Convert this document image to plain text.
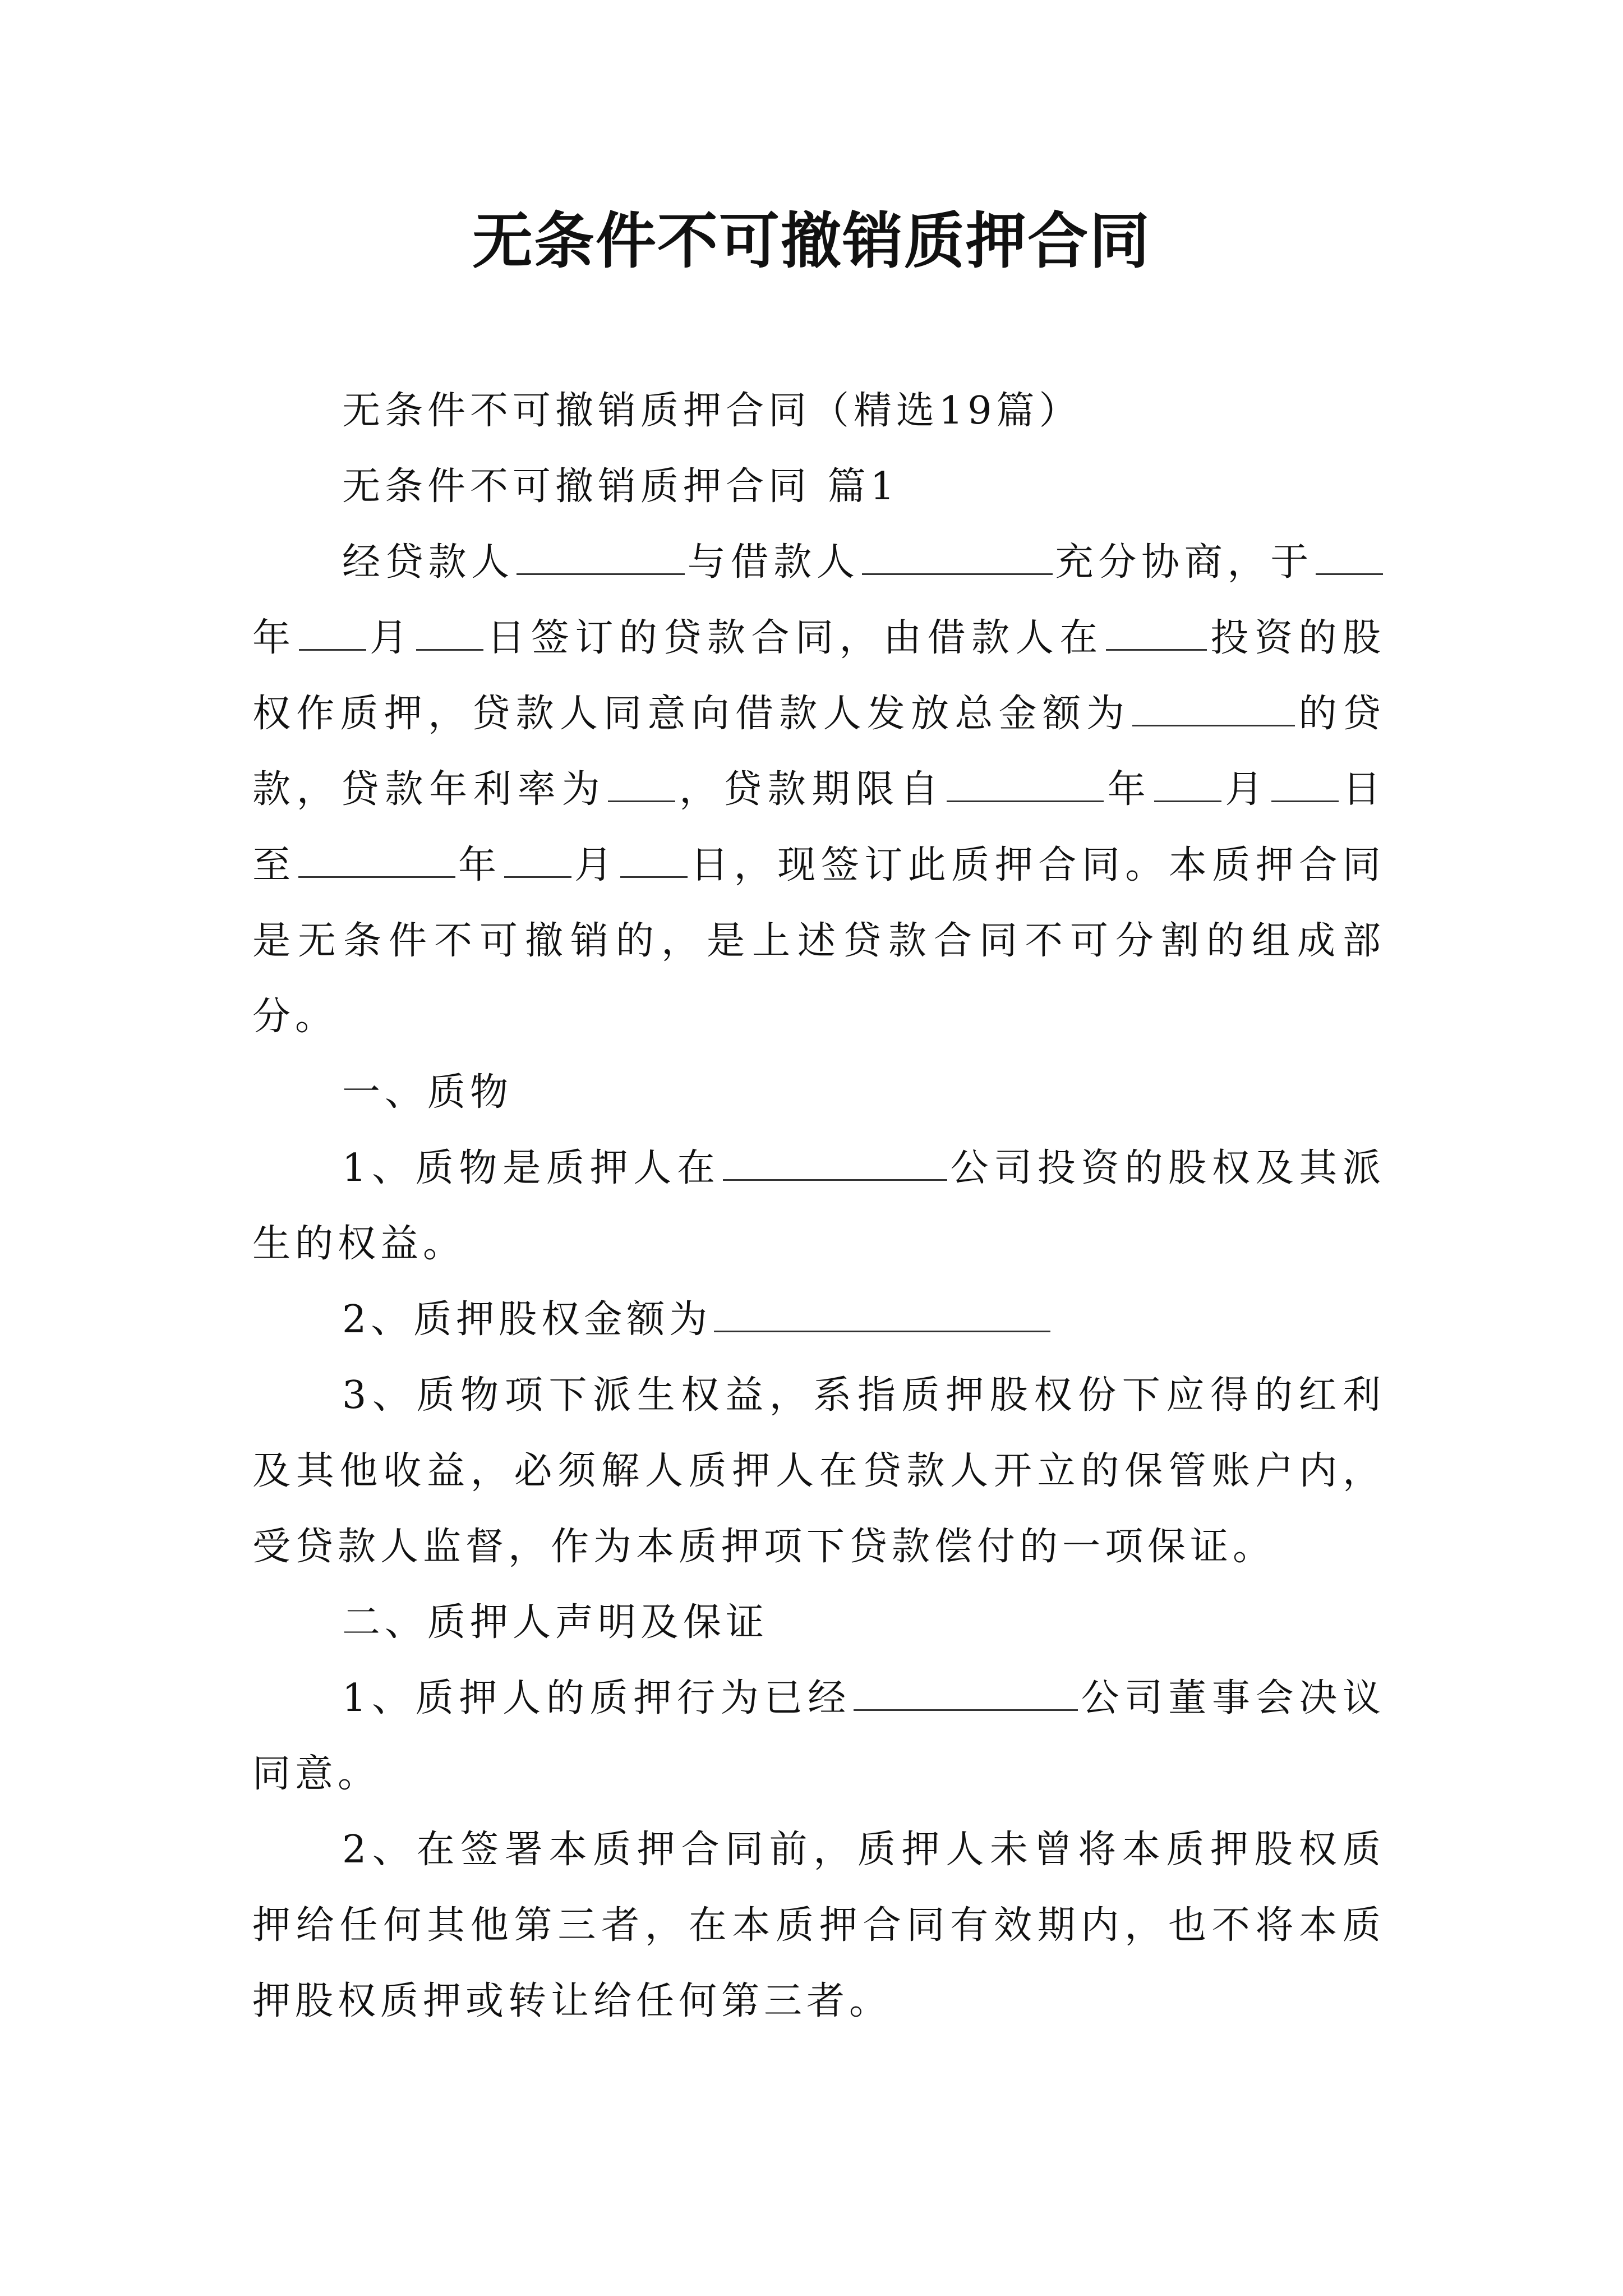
无条件不可撤销质押合同

无条件不可撤销质押合同（精选19篇）

无条件不可撤销质押合同 篇1

经贷款人	与借款人	充分协商，于年 月 日签订的贷款合同，由借款人在	投资的股权作质押，贷款人同意向借款人发放总金额为	的贷款，贷款年利率为 ，贷款期限自	年 月 日至	年 月 日，现签订此质押合同。本质押合同是无条件不可撤销的，是上述贷款合同不可分割的组成部分。

一、质物

1、质物是质押人在	公司投资的股权及其派生的权益。

2、质押股权金额为

3、质物项下派生权益，系指质押股权份下应得的红利及其他收益，必须解人质押人在贷款人开立的保管账户内，受贷款人监督，作为本质押项下贷款偿付的一项保证。

二、质押人声明及保证

1、质押人的质押行为已经	公司董事会决议同意。

2、在签署本质押合同前，质押人未曾将本质押股权质押给任何其他第三者，在本质押合同有效期内，也不将本质押股权质押或转让给任何第三者。
